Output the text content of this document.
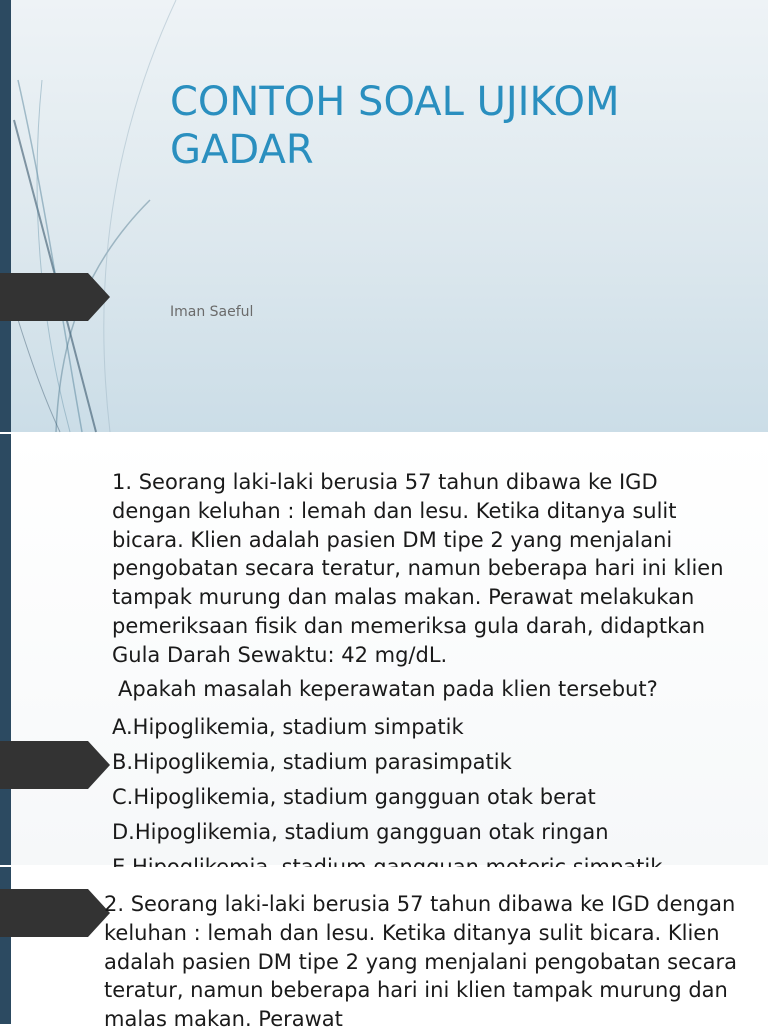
CONTOH SOAL UJIKOM GADAR
Iman Saeful

1. Seorang laki-laki berusia 57 tahun dibawa ke IGD dengan keluhan : lemah dan lesu. Ketika ditanya sulit bicara. Klien adalah pasien DM tipe 2 yang menjalani pengobatan secara teratur, namun beberapa hari ini klien tampak murung dan malas makan. Perawat melakukan pemeriksaan fisik dan memeriksa gula darah, didaptkan Gula Darah Sewaktu: 42 mg/dL.

Apakah masalah keperawatan pada klien tersebut?
A.Hipoglikemia, stadium simpatik
B.Hipoglikemia, stadium parasimpatik
C.Hipoglikemia, stadium gangguan otak berat
D.Hipoglikemia, stadium gangguan otak ringan

2. Seorang laki-laki berusia 57 tahun dibawa ke IGD dengan keluhan : lemah dan lesu. Ketika ditanya sulit bicara. Klien adalah pasien DM tipe 2 yang menjalani pengobatan secara teratur, namun beberapa hari ini klien tampak murung dan malas makan. Perawat
